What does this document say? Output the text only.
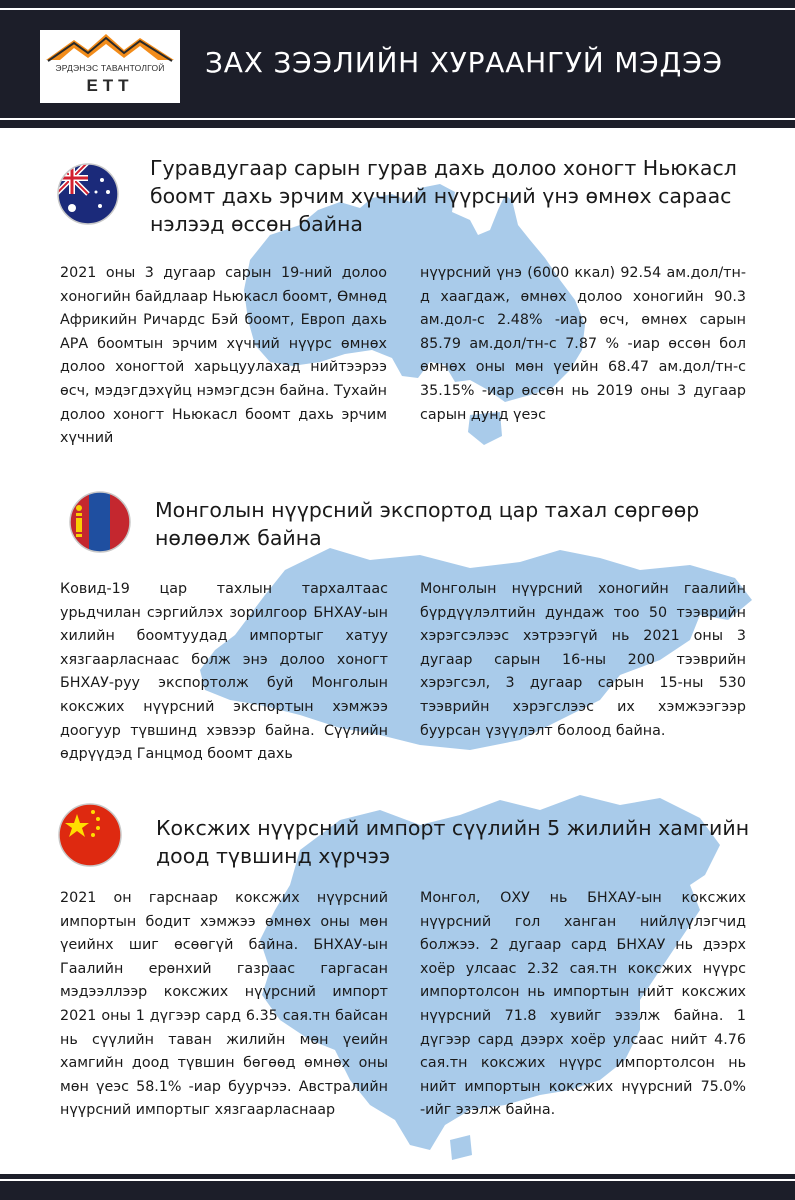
ЭРДЭНЭС ТАВАНТОЛГОЙ
ЕТТ
ЗАХ ЗЭЭЛИЙН ХУРААНГУЙ МЭДЭЭ
Гуравдугаар сарын гурав дахь долоо хоногт Ньюкасл боомт дахь эрчим хүчний нүүрсний үнэ өмнөх сараас нэлээд өссөн байна
2021 оны 3 дугаар сарын 19-ний долоо хоногийн байдлаар Ньюкасл боомт, Өмнөд Африкийн Ричардс Бэй боомт, Европ дахь АРА боомтын эрчим хүчний нүүрс өмнөх долоо хоногтой харьцуулахад нийтээрээ өсч, мэдэгдэхүйц нэмэгдсэн байна. Тухайн долоо хоногт Ньюкасл боомт дахь эрчим хүчний
нүүрсний үнэ (6000 ккал) 92.54 ам.дол/тн-д хаагдаж, өмнөх долоо хоногийн 90.3 ам.дол-с 2.48% -иар өсч, өмнөх сарын 85.79 ам.дол/тн-с 7.87 % -иар өссөн бол өмнөх оны мөн үеийн 68.47 ам.дол/тн-с 35.15% -иар өссөн нь 2019 оны 3 дугаар сарын дунд үеэс
Монголын нүүрсний экспортод цар тахал сөргөөр нөлөөлж байна
Ковид-19 цар тахлын тархалтаас урьдчилан сэргийлэх зорилгоор БНХАУ-ын хилийн боомтуудад импортыг хатуу хязгаарласнаас болж энэ долоо хоногт БНХАУ-руу экспортолж буй Монголын коксжих нүүрсний экспортын хэмжээ доогуур түвшинд хэвээр байна. Сүүлийн өдрүүдэд Ганцмод боомт дахь
Монголын нүүрсний хоногийн гаалийн бүрдүүлэлтийн дундаж тоо 50 тээврийн хэрэгсэлээс хэтрээгүй нь 2021 оны 3 дугаар сарын 16-ны 200 тээврийн хэрэгсэл, 3 дугаар сарын 15-ны 530 тээврийн хэрэгслээс их хэмжээгээр буурсан үзүүлэлт болоод байна.
Коксжих нүүрсний импорт сүүлийн 5 жилийн хамгийн доод түвшинд хүрчээ
2021 он гарснаар коксжих нүүрсний импортын бодит хэмжээ өмнөх оны мөн үеийнх шиг өсөөгүй байна. БНХАУ-ын Гаалийн ерөнхий газраас гаргасан мэдээллээр коксжих нүүрсний импорт 2021 оны 1 дүгээр сард 6.35 сая.тн байсан нь сүүлийн таван жилийн мөн үеийн хамгийн доод түвшин бөгөөд өмнөх оны мөн үеэс 58.1% -иар буурчээ. Австралийн нүүрсний импортыг хязгаарласнаар
Монгол, ОХУ нь БНХАУ-ын коксжих нүүрсний гол ханган нийлүүлэгчид болжээ. 2 дугаар сард БНХАУ нь дээрх хоёр улсаас 2.32 сая.тн коксжих нүүрс импортолсон нь импортын нийт коксжих нүүрсний 71.8 хувийг эзэлж байна. 1 дүгээр сард дээрх хоёр улсаас нийт 4.76 сая.тн коксжих нүүрс импортолсон нь нийт импортын коксжих нүүрсний 75.0% -ийг эзэлж байна.
